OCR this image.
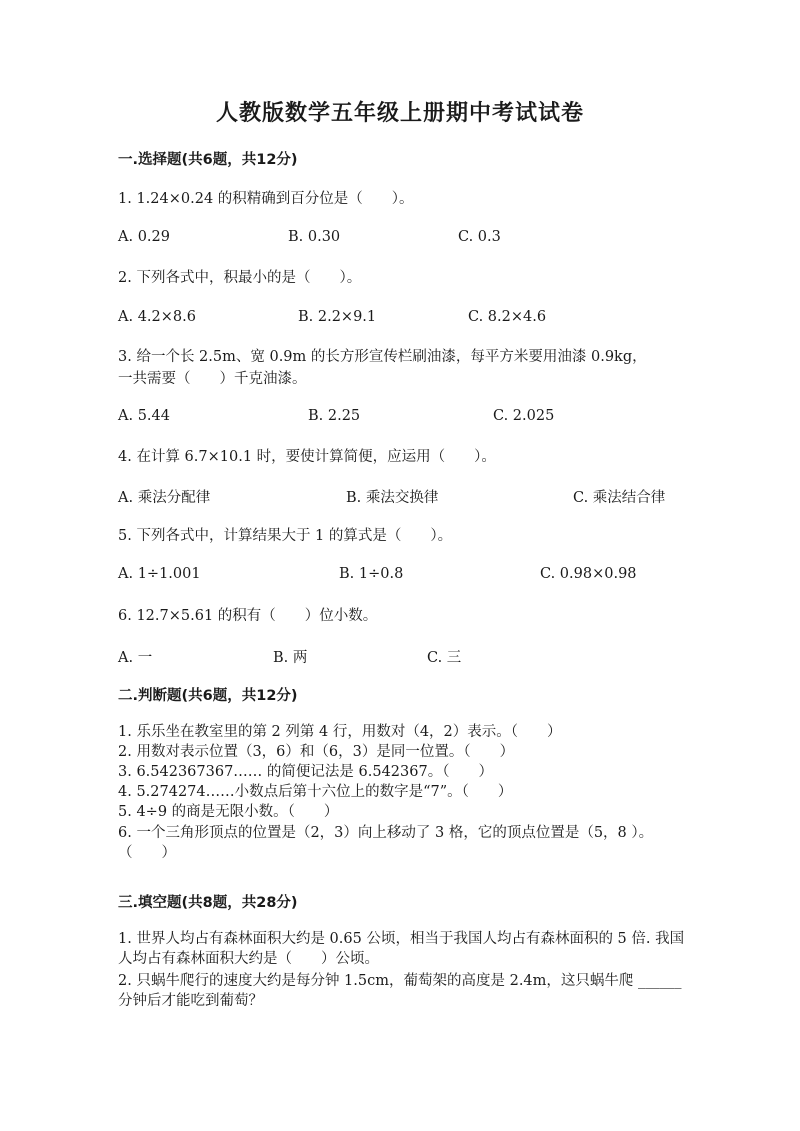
人教版数学五年级上册期中考试试卷
一.选择题(共6题，共12分)
1. 1.24×0.24 的积精确到百分位是（　　）。
A. 0.29	B. 0.30	C. 0.3
2. 下列各式中，积最小的是（　　）。
A. 4.2×8.6	B. 2.2×9.1	C. 8.2×4.6
3. 给一个长 2.5m、宽 0.9m 的长方形宣传栏刷油漆，每平方米要用油漆 0.9kg，
一共需要（　　）千克油漆。
A. 5.44	B. 2.25	C. 2.025
4. 在计算 6.7×10.1 时，要使计算简便，应运用（　　）。
A. 乘法分配律	B. 乘法交换律	C. 乘法结合律
5. 下列各式中，计算结果大于 1 的算式是（　　）。
A. 1÷1.001	B. 1÷0.8	C. 0.98×0.98
6. 12.7×5.61 的积有（　　）位小数。
A. 一	B. 两	C. 三
二.判断题(共6题，共12分)
1. 乐乐坐在教室里的第 2 列第 4 行，用数对（4，2）表示。（　　）
2. 用数对表示位置（3，6）和（6，3）是同一位置。（　　）
3. 6.542367367…… 的简便记法是 6.542367。（　　）
4. 5.274274……小数点后第十六位上的数字是“7”。（　　）
5. 4÷9 的商是无限小数。（　　）
6. 一个三角形顶点的位置是（2，3）向上移动了 3 格，它的顶点位置是（5，8 ）。（　　）
三.填空题(共8题，共28分)
1. 世界人均占有森林面积大约是 0.65 公顷，相当于我国人均占有森林面积的 5 倍. 我国人均占有森林面积大约是（　　）公顷。
2. 只蜗牛爬行的速度大约是每分钟 1.5cm，葡萄架的高度是 2.4m，这只蜗牛爬 ______分钟后才能吃到葡萄？
